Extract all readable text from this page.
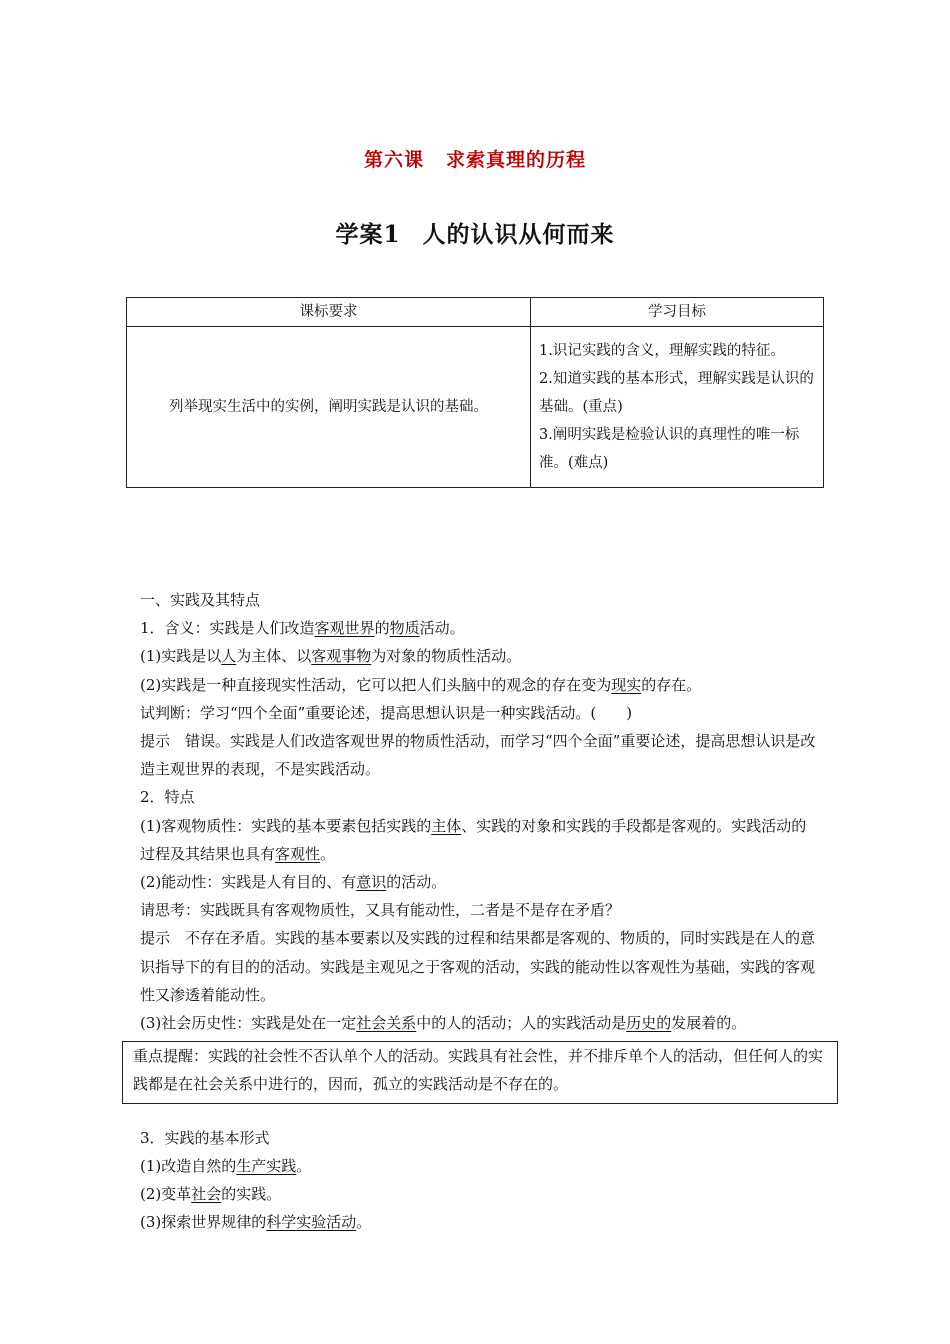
第六课 求索真理的历程
学案1 人的认识从何而来
课标要求	学习目标
列举现实生活中的实例，阐明实践是认识的基础。	1.识记实践的含义，理解实践的特征。
2.知道实践的基本形式，理解实践是认识的基础。(重点)
3.阐明实践是检验认识的真理性的唯一标准。(难点)

一、实践及其特点

1．含义：实践是人们改造客观世界的物质活动。

(1)实践是以人为主体、以客观事物为对象的物质性活动。

(2)实践是一种直接现实性活动，它可以把人们头脑中的观念的存在变为现实的存在。

试判断：学习“四个全面”重要论述，提高思想认识是一种实践活动。(　　)

提示　错误。实践是人们改造客观世界的物质性活动，而学习“四个全面”重要论述，提高思想认识是改造主观世界的表现，不是实践活动。

2．特点

(1)客观物质性：实践的基本要素包括实践的主体、实践的对象和实践的手段都是客观的。实践活动的过程及其结果也具有客观性。

(2)能动性：实践是人有目的、有意识的活动。

请思考：实践既具有客观物质性，又具有能动性，二者是不是存在矛盾？

提示　不存在矛盾。实践的基本要素以及实践的过程和结果都是客观的、物质的，同时实践是在人的意识指导下的有目的的活动。实践是主观见之于客观的活动，实践的能动性以客观性为基础，实践的客观性又渗透着能动性。

(3)社会历史性：实践是处在一定社会关系中的人的活动；人的实践活动是历史的发展着的。

重点提醒：实践的社会性不否认单个人的活动。实践具有社会性，并不排斥单个人的活动，但任何人的实践都是在社会关系中进行的，因而，孤立的实践活动是不存在的。

3．实践的基本形式

(1)改造自然的生产实践。

(2)变革社会的实践。

(3)探索世界规律的科学实验活动。
